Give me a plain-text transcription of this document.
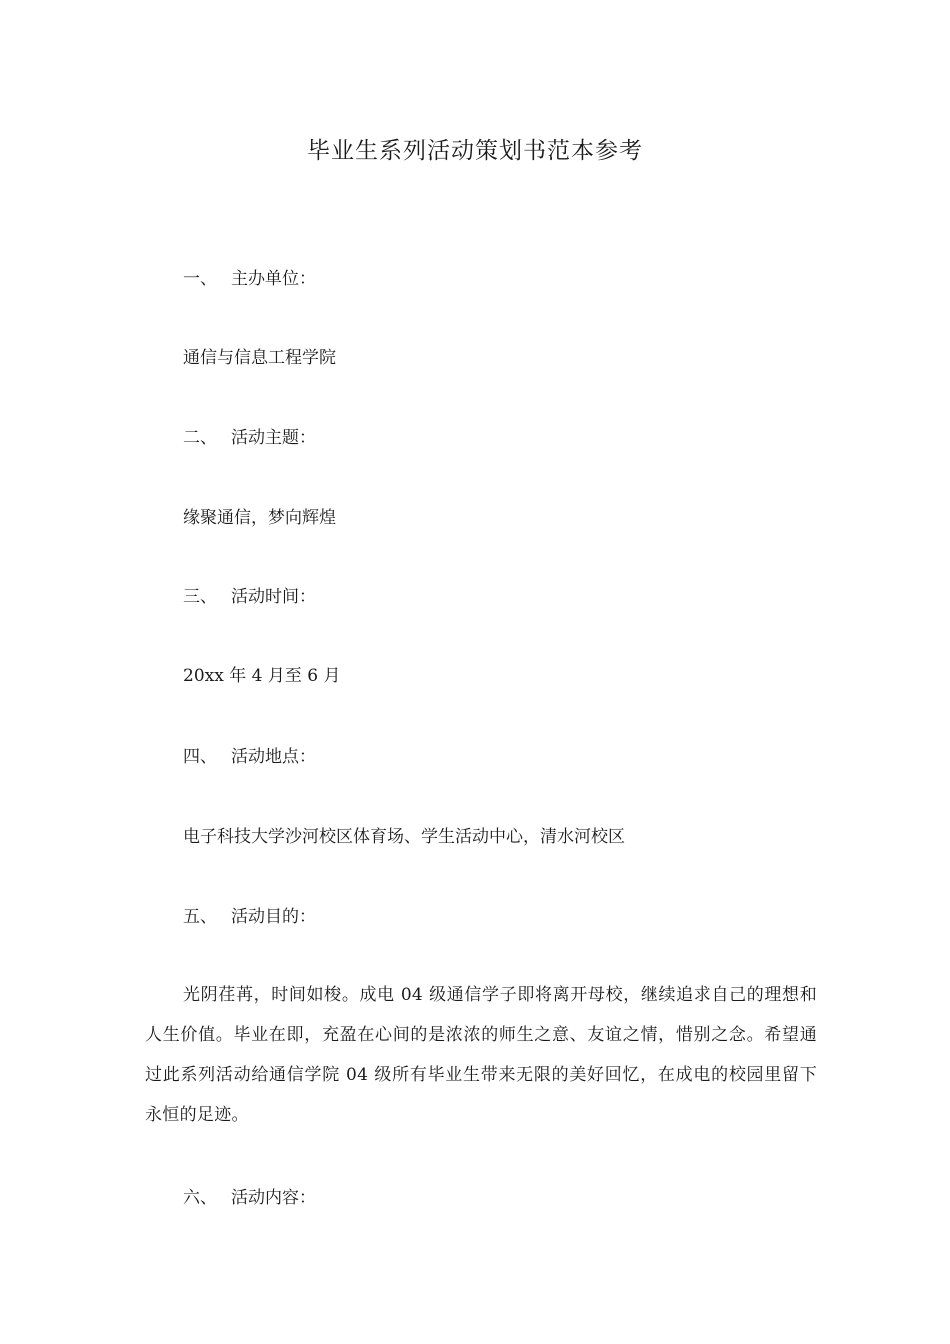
毕业生系列活动策划书范本参考
一、 主办单位：
通信与信息工程学院
二、 活动主题：
缘聚通信，梦向辉煌
三、 活动时间：
20xx 年 4 月至 6 月
四、 活动地点：
电子科技大学沙河校区体育场、学生活动中心，清水河校区
五、 活动目的：
光阴荏苒，时间如梭。成电 04 级通信学子即将离开母校，继续追求自己的理想和人生价值。毕业在即，充盈在心间的是浓浓的师生之意、友谊之情，惜别之念。希望通过此系列活动给通信学院 04 级所有毕业生带来无限的美好回忆，在成电的校园里留下永恒的足迹。
六、 活动内容：
